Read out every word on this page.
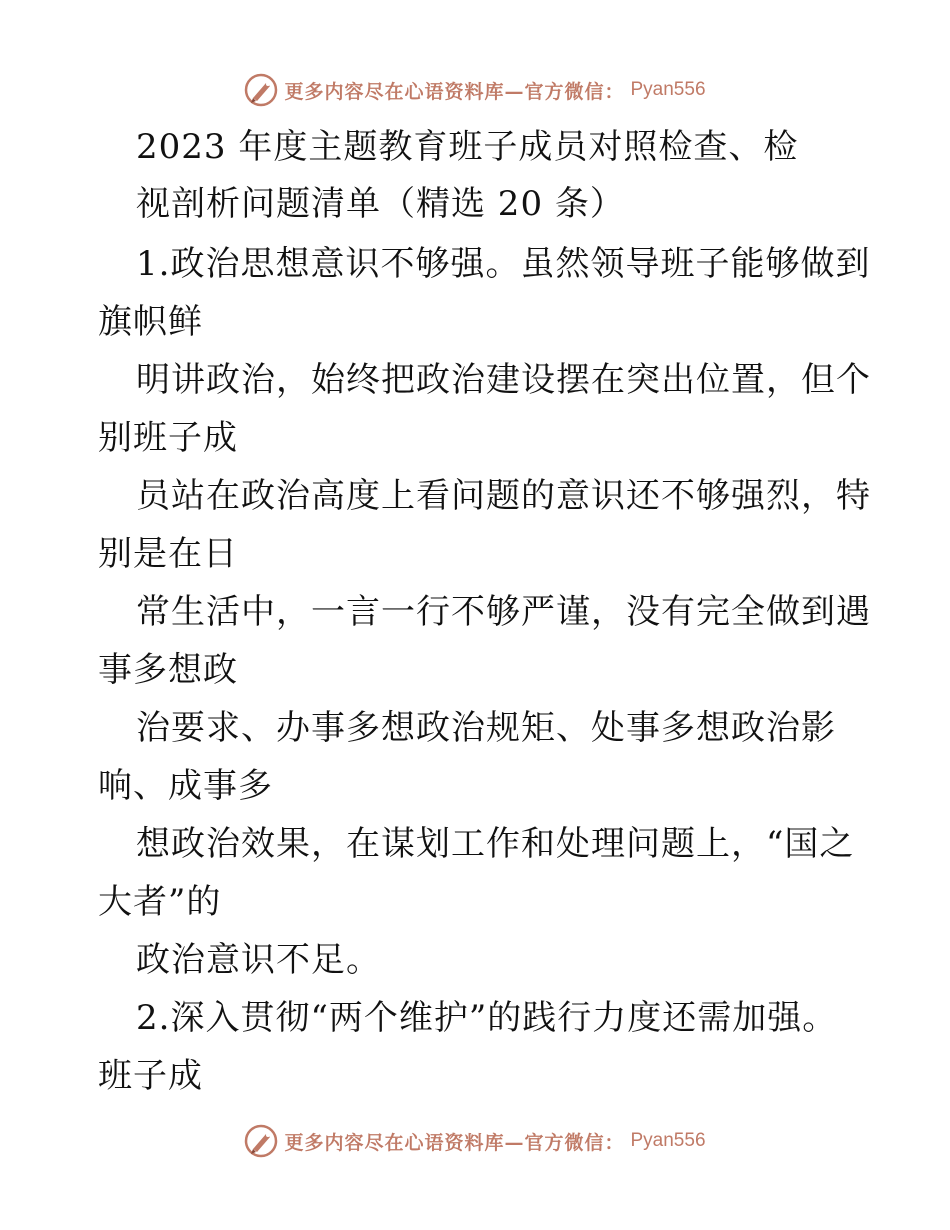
更多内容尽在心语资料库—官方微信： Pyan556
2023 年度主题教育班子成员对照检查、检
视剖析问题清单（精选 20 条）
1.政治思想意识不够强。虽然领导班子能够做到
旗帜鲜
明讲政治，始终把政治建设摆在突出位置，但个
别班子成
员站在政治高度上看问题的意识还不够强烈，特
别是在日
常生活中，一言一行不够严谨，没有完全做到遇
事多想政
治要求、办事多想政治规矩、处事多想政治影
响、成事多
想政治效果，在谋划工作和处理问题上，“国之
大者”的
政治意识不足。
2.深入贯彻“两个维护”的践行力度还需加强。
班子成
更多内容尽在心语资料库—官方微信： Pyan556
